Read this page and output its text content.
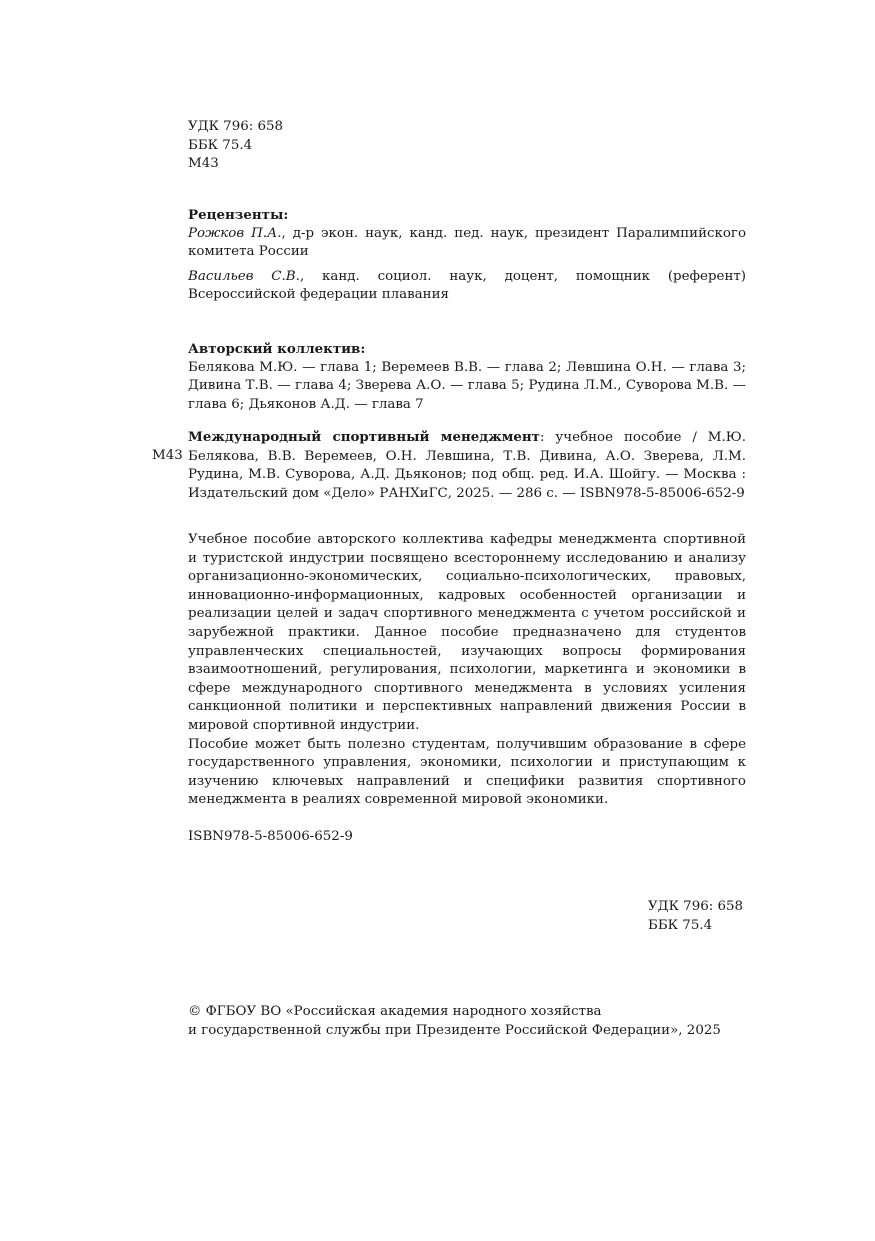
УДК 796: 658

ББК 75.4

М43

Рецензенты:

Рожков П.А., д-р экон. наук, канд. пед. наук, президент Паралимпийского комитета России

Васильев С.В., канд. социол. наук, доцент, помощник (референт) Всероссийской федерации плавания

Авторский коллектив:

Белякова М.Ю. — глава 1; Веремеев В.В. — глава 2; Левшина О.Н. — глава 3; Дивина Т.В. — глава 4; Зверева А.О. — глава 5; Рудина Л.М., Суворова М.В. — глава 6; Дьяконов А.Д. — глава 7

М43

Международный спортивный менеджмент: учебное пособие / М.Ю. Белякова, В.В. Веремеев, О.Н. Левшина, Т.В. Дивина, А.О. Зверева, Л.М. Рудина, М.В. Суворова, А.Д. Дьяконов; под общ. ред. И.А. Шойгу. — Москва : Издательский дом «Дело» РАНХиГС, 2025. — 286 с. — ISBN978-5-85006-652-9

Учебное пособие авторского коллектива кафедры менеджмента спортивной и туристской индустрии посвящено всестороннему исследованию и анализу организационно-экономических, социально-психологических, правовых, инновационно-информационных, кадровых особенностей организации и реализации целей и задач спортивного менеджмента с учетом российской и зарубежной практики. Данное пособие предназначено для студентов управленческих специальностей, изучающих вопросы формирования взаимоотношений, регулирования, психологии, маркетинга и экономики в сфере международного спортивного менеджмента в условиях усиления санкционной политики и перспективных направлений движения России в мировой спортивной индустрии.

Пособие может быть полезно студентам, получившим образование в сфере государственного управления, экономики, психологии и приступающим к изучению ключевых направлений и специфики развития спортивного менеджмента в реалиях современной мировой экономики.

ISBN978-5-85006-652-9

УДК 796: 658

ББК 75.4

© ФГБОУ ВО «Российская академия народного хозяйства

и государственной службы при Президенте Российской Федерации», 2025
